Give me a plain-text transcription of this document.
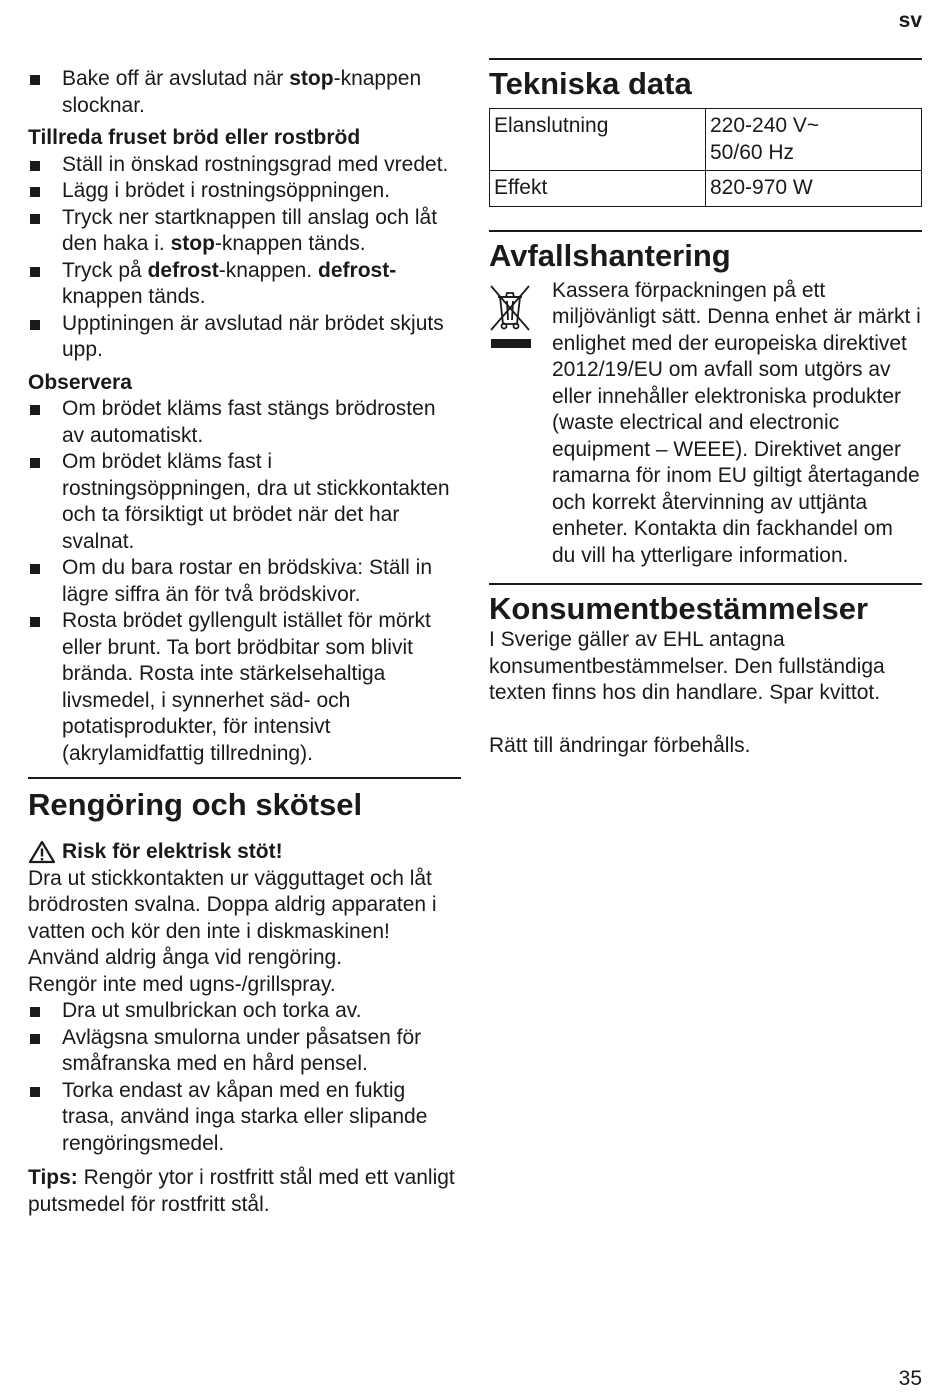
sv
Bake off är avslutad när stop-knappen slocknar.
Tillreda fruset bröd eller rostbröd
Ställ in önskad rostningsgrad med vredet.
Lägg i brödet i rostningsöppningen.
Tryck ner startknappen till anslag och låt den haka i. stop-knappen tänds.
Tryck på defrost-knappen. defrost-knappen tänds.
Upptiningen är avslutad när brödet skjuts upp.
Observera
Om brödet kläms fast stängs brödrosten av automatiskt.
Om brödet kläms fast i rostningsöppningen, dra ut stickkontakten och ta försiktigt ut brödet när det har svalnat.
Om du bara rostar en brödskiva: Ställ in lägre siffra än för två brödskivor.
Rosta brödet gyllengult istället för mörkt eller brunt. Ta bort brödbitar som blivit brända. Rosta inte stärkelsehaltiga livsmedel, i synnerhet säd- och potatisprodukter, för intensivt (akrylamidfattig tillredning).
Rengöring och skötsel
Risk för elektrisk stöt!

Dra ut stickkontakten ur vägguttaget och låt brödrosten svalna. Doppa aldrig apparaten i vatten och kör den inte i diskmaskinen!

Använd aldrig ånga vid rengöring.

Rengör inte med ugns-/grillspray.

Dra ut smulbrickan och torka av.
Avlägsna smulorna under påsatsen för småfranska med en hård pensel.
Torka endast av kåpan med en fuktig trasa, använd inga starka eller slipande rengöringsmedel.

Tips: Rengör ytor i rostfritt stål med ett vanligt putsmedel för rostfritt stål.

Tekniska data
Elanslutning	220-240 V~ 50/60 Hz
Effekt	820-970 W
Avfallshantering
Kassera förpackningen på ett miljövänligt sätt. Denna enhet är märkt i enlighet med der europeiska direktivet 2012/19/EU om avfall som utgörs av eller innehåller elektroniska produkter (waste electrical and electronic equipment – WEEE). Direktivet anger ramarna för inom EU giltigt återtagande och korrekt återvinning av uttjänta enheter. Kontakta din fackhandel om du vill ha ytterligare information.
Konsumentbestämmelser

I Sverige gäller av EHL antagna konsumentbestämmelser. Den fullständiga texten finns hos din handlare. Spar kvittot.

Rätt till ändringar förbehålls.

35
